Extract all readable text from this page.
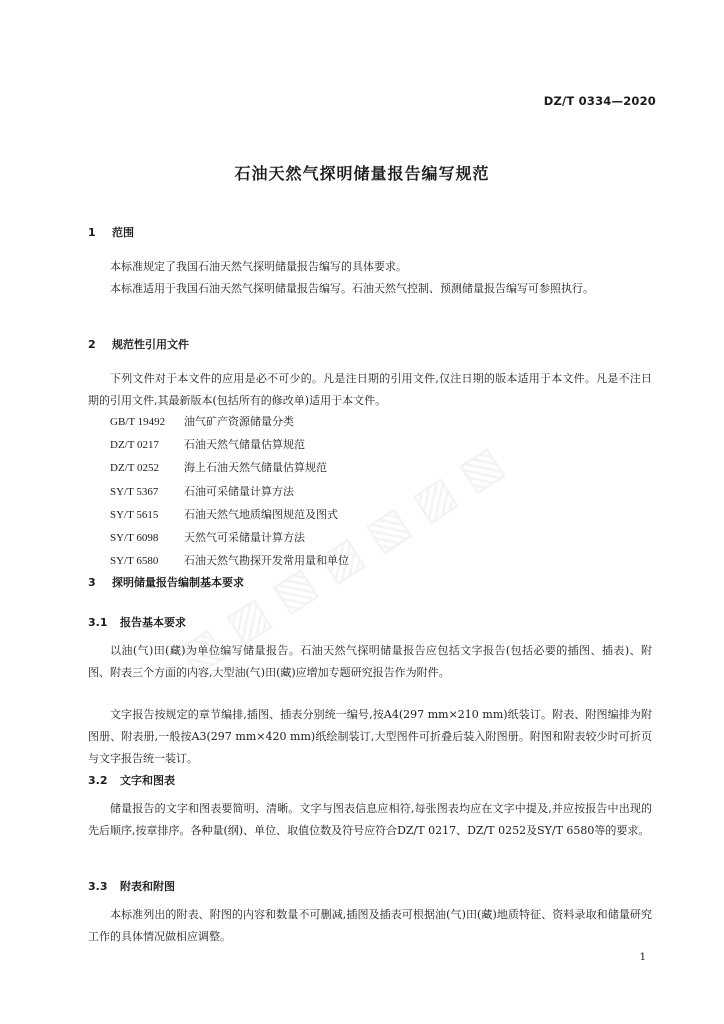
DZ/T 0334—2020
石油天然气探明储量报告编写规范
1 范围

本标准规定了我国石油天然气探明储量报告编写的具体要求。

本标准适用于我国石油天然气探明储量报告编写。石油天然气控制、预测储量报告编写可参照执行。

2 规范性引用文件

下列文件对于本文件的应用是必不可少的。凡是注日期的引用文件,仅注日期的版本适用于本文件。凡是不注日期的引用文件,其最新版本(包括所有的修改单)适用于本文件。

GB/T 19492 油气矿产资源储量分类
DZ/T 0217 石油天然气储量估算规范
DZ/T 0252 海上石油天然气储量估算规范
SY/T 5367 石油可采储量计算方法
SY/T 5615 石油天然气地质编图规范及图式
SY/T 6098 天然气可采储量计算方法
SY/T 6580 石油天然气勘探开发常用量和单位
3 探明储量报告编制基本要求
3.1 报告基本要求

以油(气)田(藏)为单位编写储量报告。石油天然气探明储量报告应包括文字报告(包括必要的插图、插表)、附图、附表三个方面的内容,大型油(气)田(藏)应增加专题研究报告作为附件。

文字报告按规定的章节编排,插图、插表分别统一编号,按A4(297 mm×210 mm)纸装订。附表、附图编排为附图册、附表册,一般按A3(297 mm×420 mm)纸绘制装订,大型图件可折叠后装入附图册。附图和附表较少时可折页与文字报告统一装订。

3.2 文字和图表

储量报告的文字和图表要简明、清晰。文字与图表信息应相符,每张图表均应在文字中提及,并应按报告中出现的先后顺序,按章排序。各种量(纲)、单位、取值位数及符号应符合DZ/T 0217、DZ/T 0252及SY/T 6580等的要求。

3.3 附表和附图

本标准列出的附表、附图的内容和数量不可删减,插图及插表可根据油(气)田(藏)地质特征、资料录取和储量研究工作的具体情况做相应调整。

1
